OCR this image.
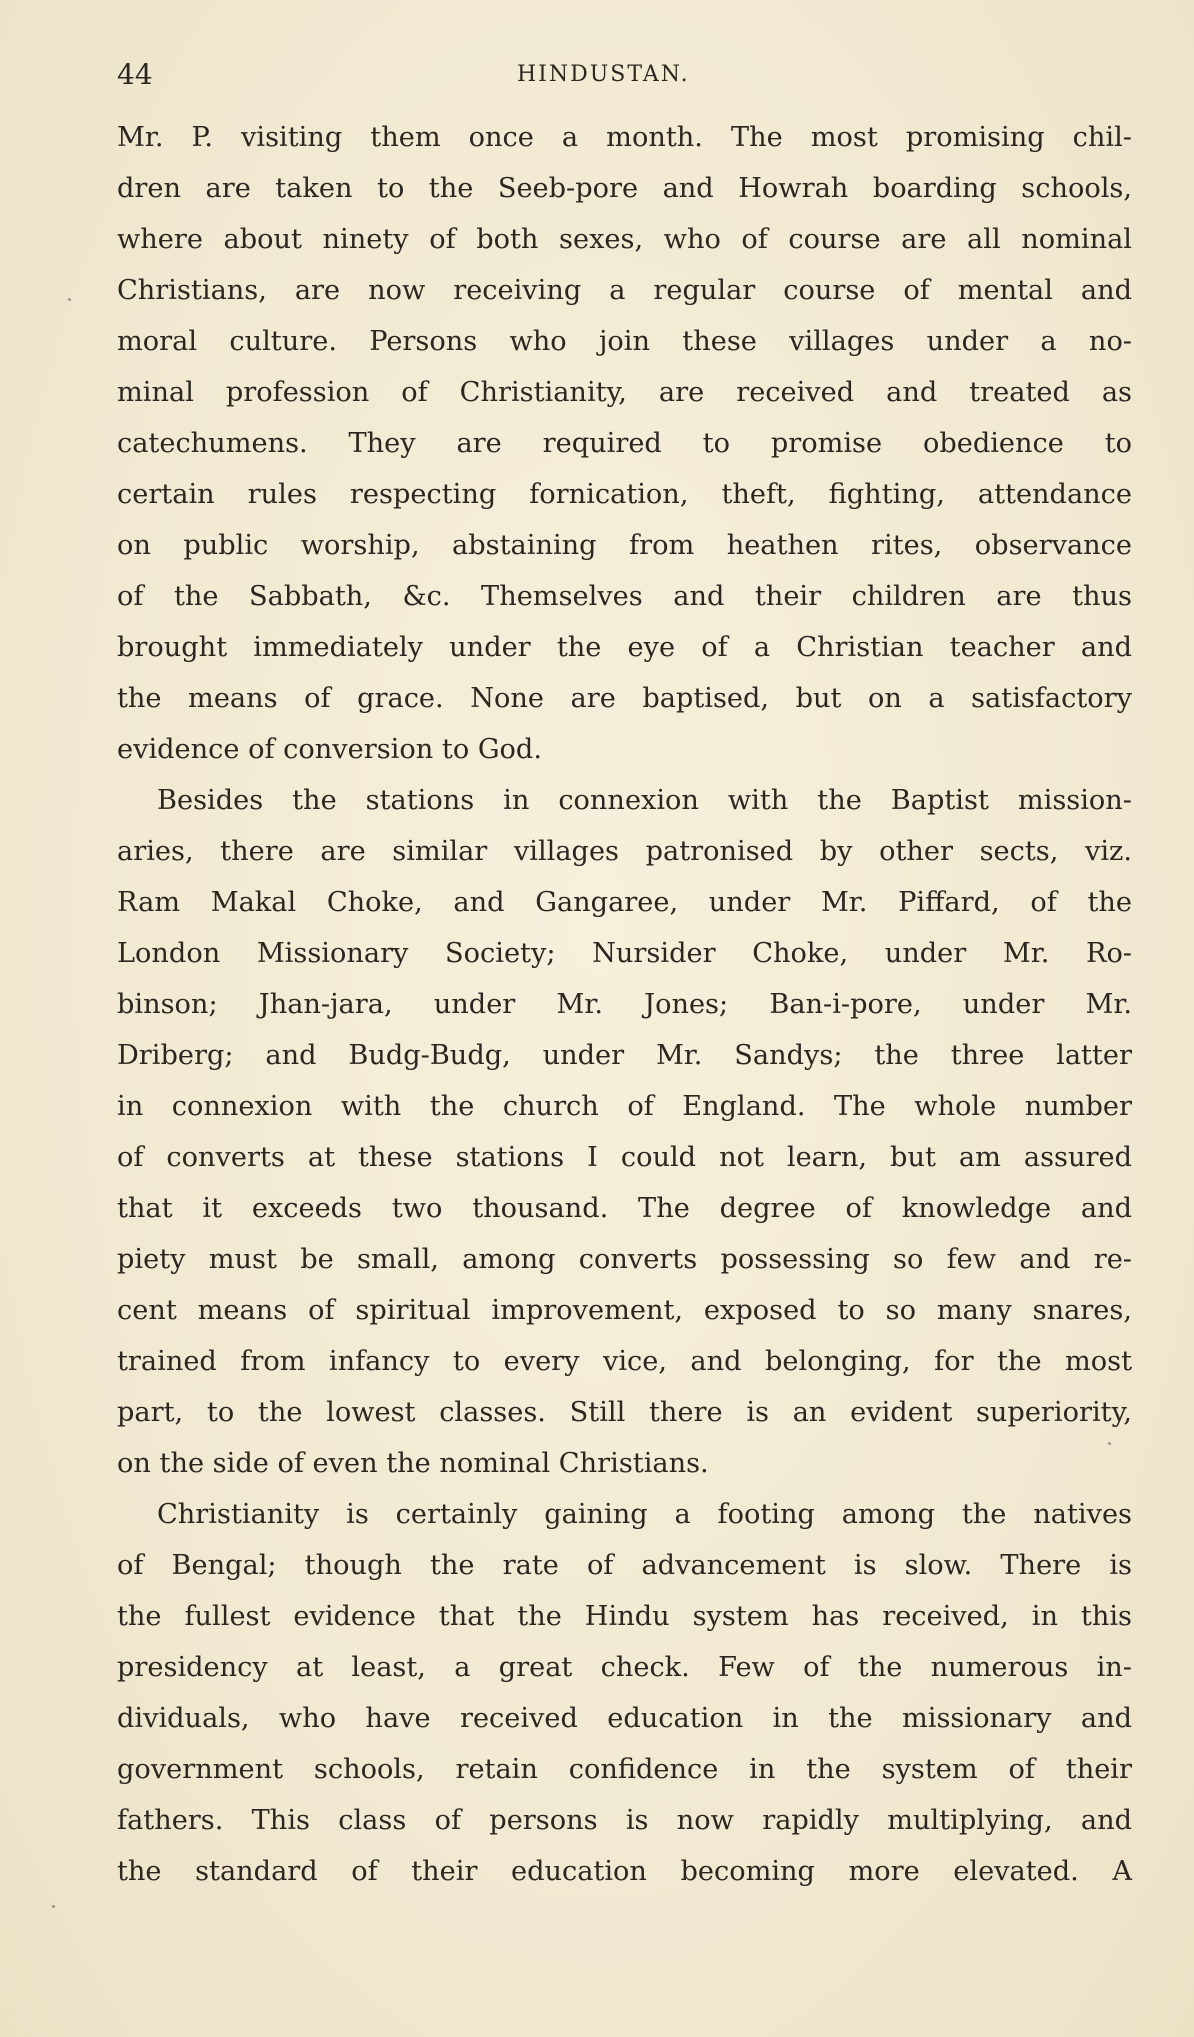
44	HINDUSTAN.
Mr. P. visiting them once a month. The most promising chil-
dren are taken to the Seeb-pore and Howrah boarding schools,
where about ninety of both sexes, who of course are all nominal
Christians, are now receiving a regular course of mental and
moral culture. Persons who join these villages under a no-
minal profession of Christianity, are received and treated as
catechumens. They are required to promise obedience to
certain rules respecting fornication, theft, fighting, attendance
on public worship, abstaining from heathen rites, observance
of the Sabbath, &c. Themselves and their children are thus
brought immediately under the eye of a Christian teacher and
the means of grace. None are baptised, but on a satisfactory
evidence of conversion to God.
Besides the stations in connexion with the Baptist mission-
aries, there are similar villages patronised by other sects, viz.
Ram Makal Choke, and Gangaree, under Mr. Piffard, of the
London Missionary Society; Nursider Choke, under Mr. Ro-
binson; Jhan-jara, under Mr. Jones; Ban-i-pore, under Mr.
Driberg; and Budg-Budg, under Mr. Sandys; the three latter
in connexion with the church of England. The whole number
of converts at these stations I could not learn, but am assured
that it exceeds two thousand. The degree of knowledge and
piety must be small, among converts possessing so few and re-
cent means of spiritual improvement, exposed to so many snares,
trained from infancy to every vice, and belonging, for the most
part, to the lowest classes. Still there is an evident superiority,
on the side of even the nominal Christians.
Christianity is certainly gaining a footing among the natives
of Bengal; though the rate of advancement is slow. There is
the fullest evidence that the Hindu system has received, in this
presidency at least, a great check. Few of the numerous in-
dividuals, who have received education in the missionary and
government schools, retain confidence in the system of their
fathers. This class of persons is now rapidly multiplying, and
the standard of their education becoming more elevated. A
